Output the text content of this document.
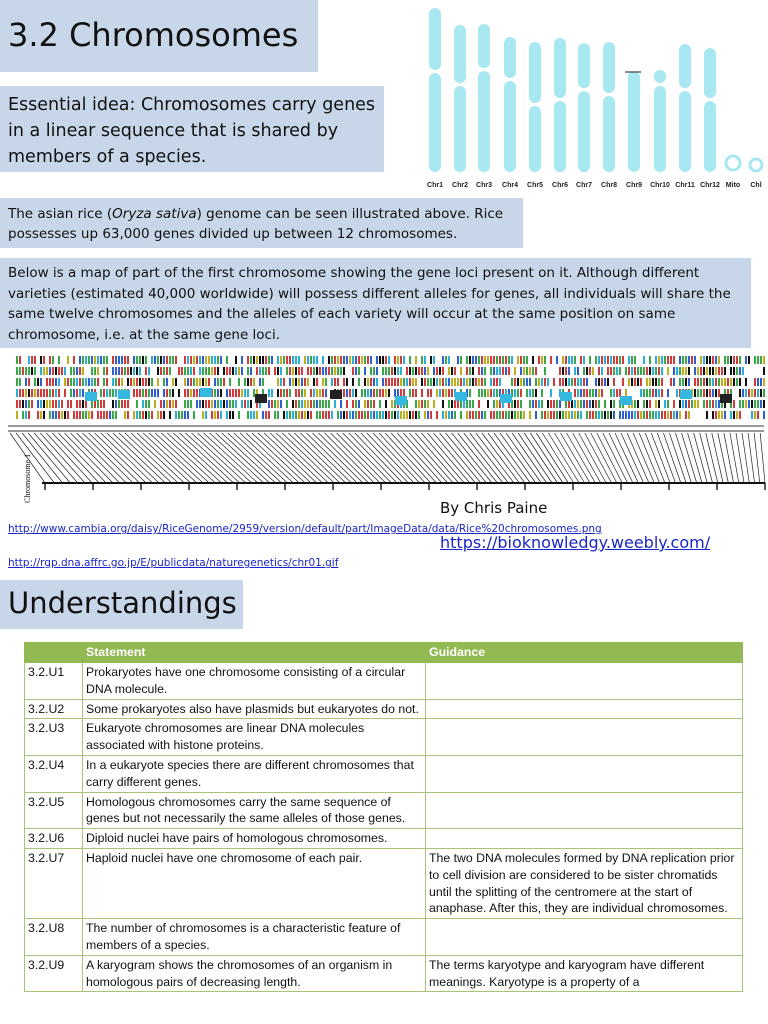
3.2 Chromosomes
Essential idea: Chromosomes carry genes in a linear sequence that is shared by members of a species.
Chr1 Chr2 Chr3 Chr4 Chr5 Chr6 Chr7 Chr8 Chr9 Chr10 Chr11 Chr12 Mito Chl
The asian rice (Oryza sativa) genome can be seen illustrated above. Rice possesses up 63,000 genes divided up between 12 chromosomes.
Below is a map of part of the first chromosome showing the gene loci present on it. Although different varieties (estimated 40,000 worldwide) will possess different alleles for genes, all individuals will share the same twelve chromosomes and the alleles of each variety will occur at the same position on same chromosome, i.e. at the same gene loci.
Chromosome 1
By Chris Paine
https://bioknowledgy.weebly.com/
http://www.cambia.org/daisy/RiceGenome/2959/version/default/part/ImageData/data/Rice%20chromosomes.png
http://rgp.dna.affrc.go.jp/E/publicdata/naturegenetics/chr01.gif
Understandings
	Statement	Guidance
3.2.U1	Prokaryotes have one chromosome consisting of a circular DNA molecule.	
3.2.U2	Some prokaryotes also have plasmids but eukaryotes do not.	
3.2.U3	Eukaryote chromosomes are linear DNA molecules associated with histone proteins.	
3.2.U4	In a eukaryote species there are different chromosomes that carry different genes.	
3.2.U5	Homologous chromosomes carry the same sequence of genes but not necessarily the same alleles of those genes.	
3.2.U6	Diploid nuclei have pairs of homologous chromosomes.	
3.2.U7	Haploid nuclei have one chromosome of each pair.	The two DNA molecules formed by DNA replication prior to cell division are considered to be sister chromatids until the splitting of the centromere at the start of anaphase. After this, they are individual chromosomes.
3.2.U8	The number of chromosomes is a characteristic feature of members of a species.	
3.2.U9	A karyogram shows the chromosomes of an organism in homologous pairs of decreasing length.	The terms karyotype and karyogram have different meanings. Karyotype is a property of a
